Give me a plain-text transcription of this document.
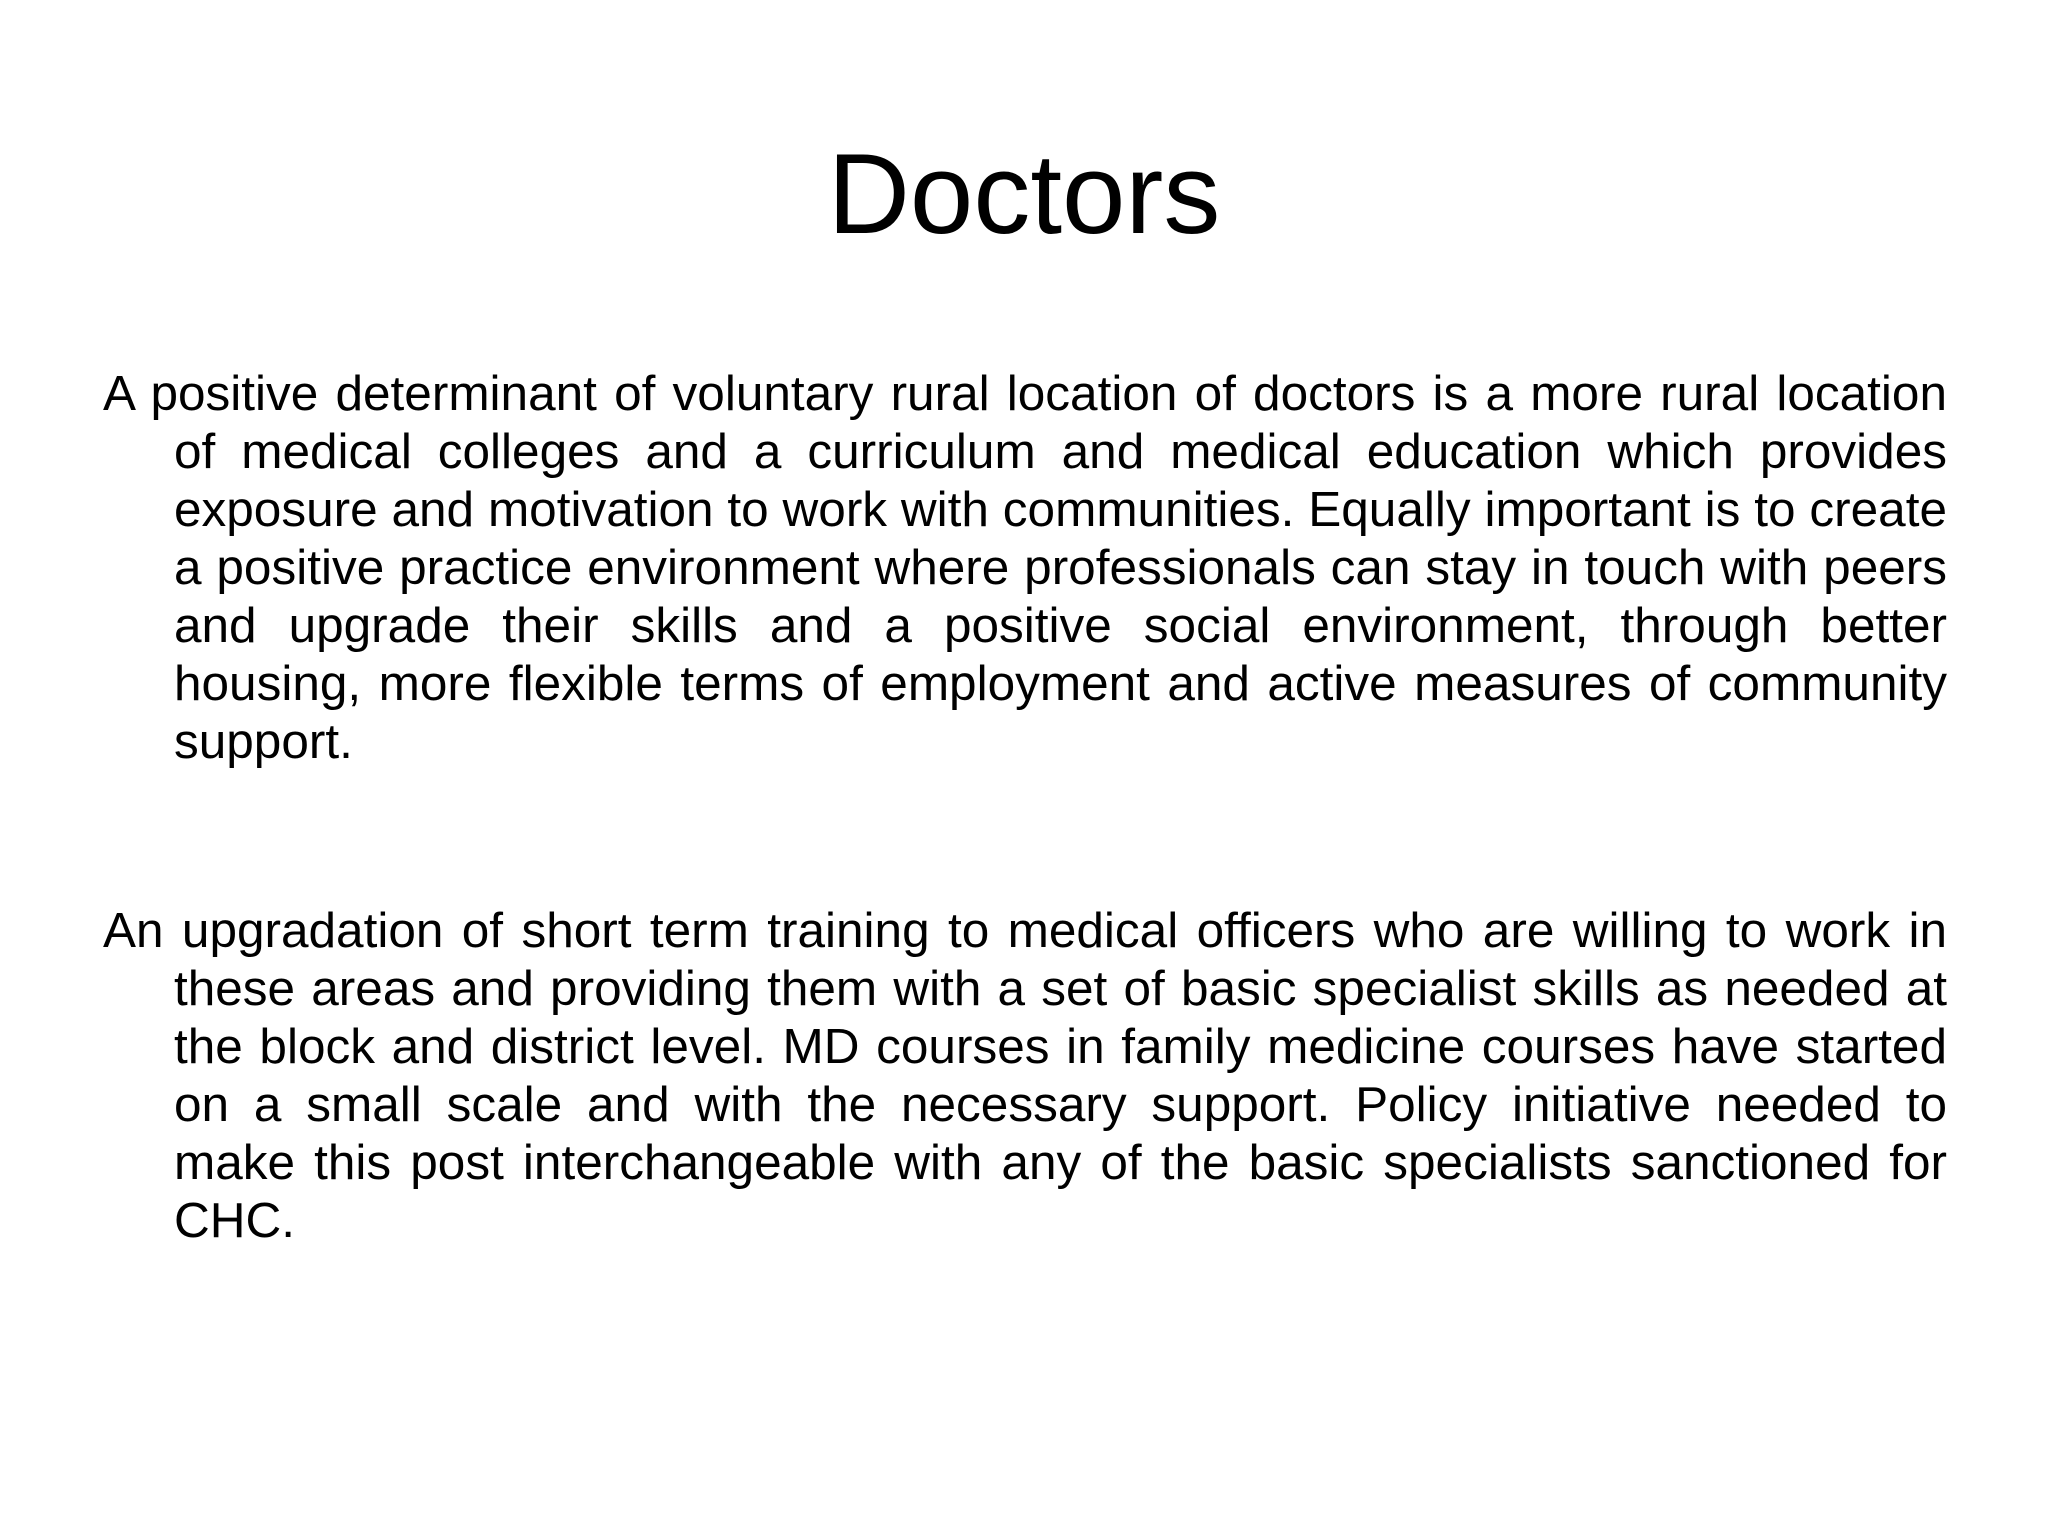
Doctors

A positive determinant of voluntary rural location of doctors is a more rural location of medical colleges and a curriculum and medical education which provides exposure and motivation to work with communities. Equally important is to create a positive practice environment where professionals can stay in touch with peers and upgrade their skills and a positive social environment, through better housing, more flexible terms of employment and active measures of community support.

An upgradation of short term training to medical officers who are willing to work in these areas and providing them with a set of basic specialist skills as needed at the block and district level. MD courses in family medicine courses have started on a small scale and with the necessary support. Policy initiative needed to make this post interchangeable with any of the basic specialists sanctioned for CHC.
